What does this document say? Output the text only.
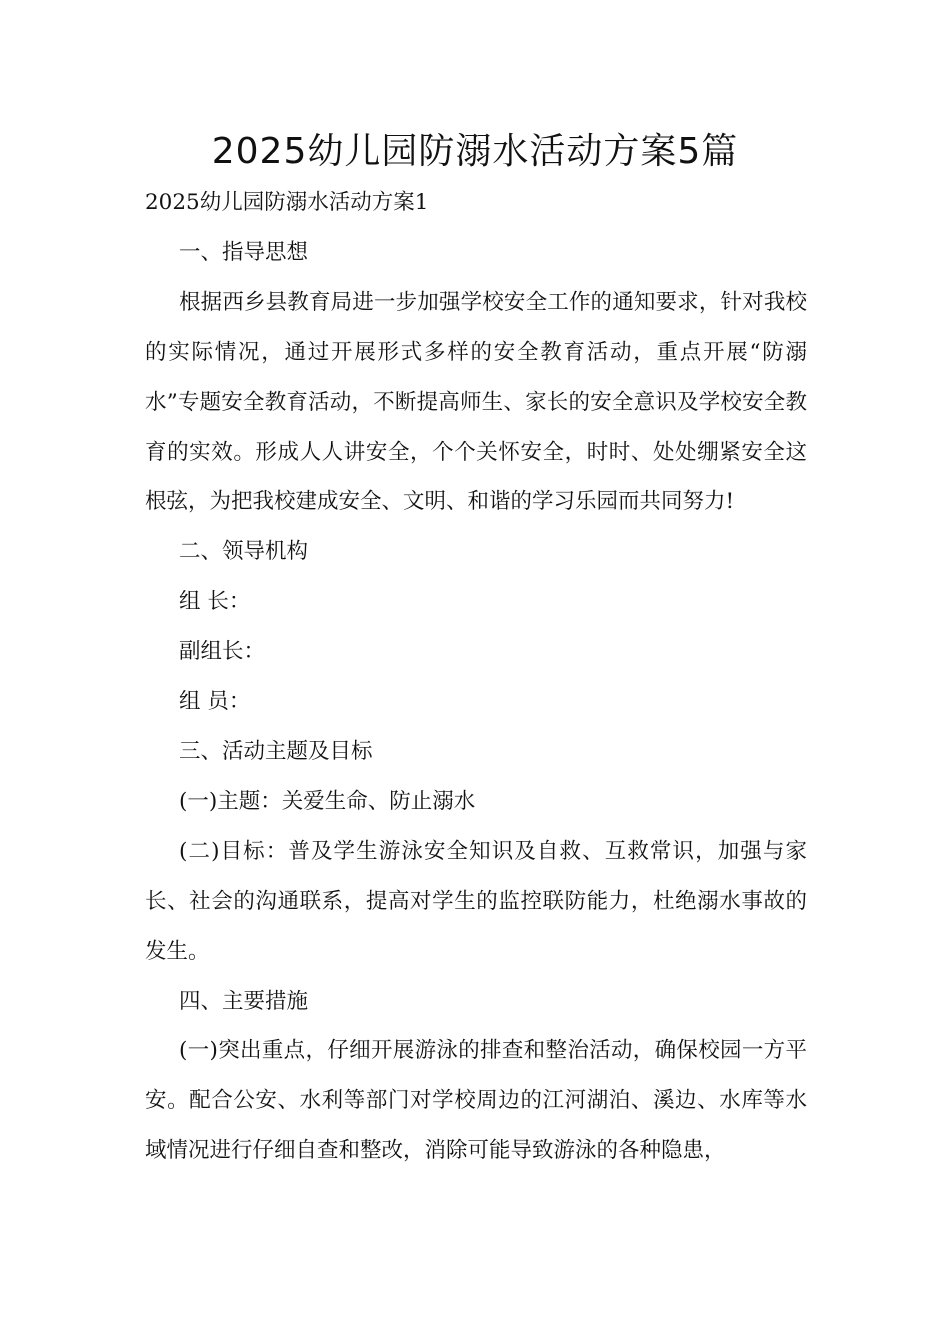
2025幼儿园防溺水活动方案5篇

2025幼儿园防溺水活动方案1

一、指导思想

根据西乡县教育局进一步加强学校安全工作的通知要求，针对我校的实际情况，通过开展形式多样的安全教育活动，重点开展“防溺水”专题安全教育活动，不断提高师生、家长的安全意识及学校安全教育的实效。形成人人讲安全，个个关怀安全，时时、处处绷紧安全这根弦，为把我校建成安全、文明、和谐的学习乐园而共同努力!

二、领导机构

组 长：

副组长：

组 员：

三、活动主题及目标

(一)主题：关爱生命、防止溺水

(二)目标：普及学生游泳安全知识及自救、互救常识，加强与家长、社会的沟通联系，提高对学生的监控联防能力，杜绝溺水事故的发生。

四、主要措施

(一)突出重点，仔细开展游泳的排查和整治活动，确保校园一方平安。配合公安、水利等部门对学校周边的江河湖泊、溪边、水库等水域情况进行仔细自查和整改，消除可能导致游泳的各种隐患，
